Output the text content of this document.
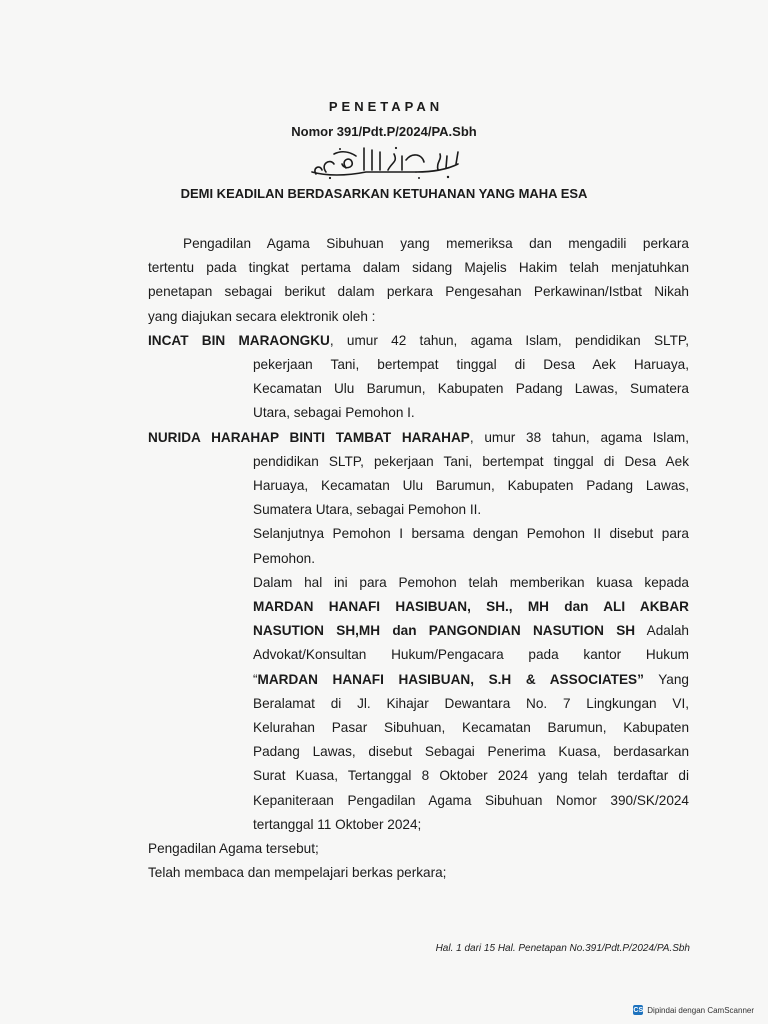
PENETAPAN
Nomor 391/Pdt.P/2024/PA.Sbh
DEMI KEADILAN BERDASARKAN KETUHANAN YANG MAHA ESA
Pengadilan Agama Sibuhuan yang memeriksa dan mengadili perkara
tertentu pada tingkat pertama dalam sidang Majelis Hakim telah menjatuhkan
penetapan sebagai berikut dalam perkara Pengesahan Perkawinan/Istbat Nikah
yang diajukan secara elektronik oleh :
INCAT BIN MARAONGKU, umur 42 tahun, agama Islam, pendidikan SLTP,
pekerjaan Tani, bertempat tinggal di Desa Aek Haruaya,
Kecamatan Ulu Barumun, Kabupaten Padang Lawas, Sumatera
Utara, sebagai Pemohon I.
NURIDA HARAHAP BINTI TAMBAT HARAHAP, umur 38 tahun, agama Islam,
pendidikan SLTP, pekerjaan Tani, bertempat tinggal di Desa Aek
Haruaya, Kecamatan Ulu Barumun, Kabupaten Padang Lawas,
Sumatera Utara, sebagai Pemohon II.
Selanjutnya Pemohon I bersama dengan Pemohon II disebut para
Pemohon.
Dalam hal ini para Pemohon telah memberikan kuasa kepada
MARDAN HANAFI HASIBUAN, SH., MH dan ALI AKBAR
NASUTION SH,MH dan PANGONDIAN NASUTION SH Adalah
Advokat/Konsultan Hukum/Pengacara pada kantor Hukum
“MARDAN HANAFI HASIBUAN, S.H & ASSOCIATES” Yang
Beralamat di Jl. Kihajar Dewantara No. 7 Lingkungan VI,
Kelurahan Pasar Sibuhuan, Kecamatan Barumun, Kabupaten
Padang Lawas, disebut Sebagai Penerima Kuasa, berdasarkan
Surat Kuasa, Tertanggal 8 Oktober 2024 yang telah terdaftar di
Kepaniteraan Pengadilan Agama Sibuhuan Nomor 390/SK/2024
tertanggal 11 Oktober 2024;
Pengadilan Agama tersebut;
Telah membaca dan mempelajari berkas perkara;
Hal. 1 dari 15 Hal. Penetapan No.391/Pdt.P/2024/PA.Sbh
CS Dipindai dengan CamScanner
